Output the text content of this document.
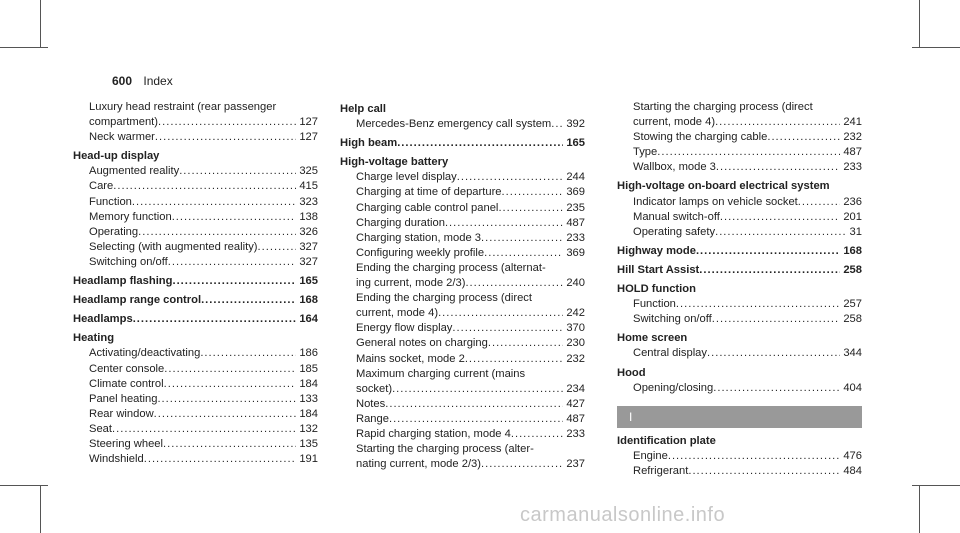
600 Index
Luxury head restraint (rear passenger
compartment) .....	127
Neck warmer .....	127
Head-up display
Augmented reality .....	325
Care .....	415
Function .....	323
Memory function .....	138
Operating .....	326
Selecting (with augmented reality) .....	327
Switching on/off .....	327
Headlamp flashing .....	165
Headlamp range control .....	168
Headlamps .....	164
Heating
Activating/deactivating .....	186
Center console .....	185
Climate control .....	184
Panel heating .....	133
Rear window .....	184
Seat .....	132
Steering wheel .....	135
Windshield .....	191
Help call
Mercedes-Benz emergency call system ..... 392
High beam .....	165
High-voltage battery
Charge level display .....	244
Charging at time of departure .....	369
Charging cable control panel .....	235
Charging duration .....	487
Charging station, mode 3 .....	233
Configuring weekly profile .....	369
Ending the charging process (alternat-
ing current, mode 2/3) .....	240
Ending the charging process (direct
current, mode 4) .....	242
Energy flow display .....	370
General notes on charging .....	230
Mains socket, mode 2 .....	232
Maximum charging current (mains
socket) .....	234
Notes .....	427
Range .....	487
Rapid charging station, mode 4 .....	233
Starting the charging process (alter-
nating current, mode 2/3) .....	237
Starting the charging process (direct
current, mode 4) .....	241
Stowing the charging cable .....	232
Type .....	487
Wallbox, mode 3 .....	233
High-voltage on-board electrical system
Indicator lamps on vehicle socket .....	236
Manual switch-off .....	201
Operating safety .....	31
Highway mode .....	168
Hill Start Assist .....	258
HOLD function
Function .....	257
Switching on/off .....	258
Home screen
Central display .....	344
Hood
Opening/closing .....	404
I
Identification plate
Engine .....	476
Refrigerant .....	484
carmanualsonline.info
